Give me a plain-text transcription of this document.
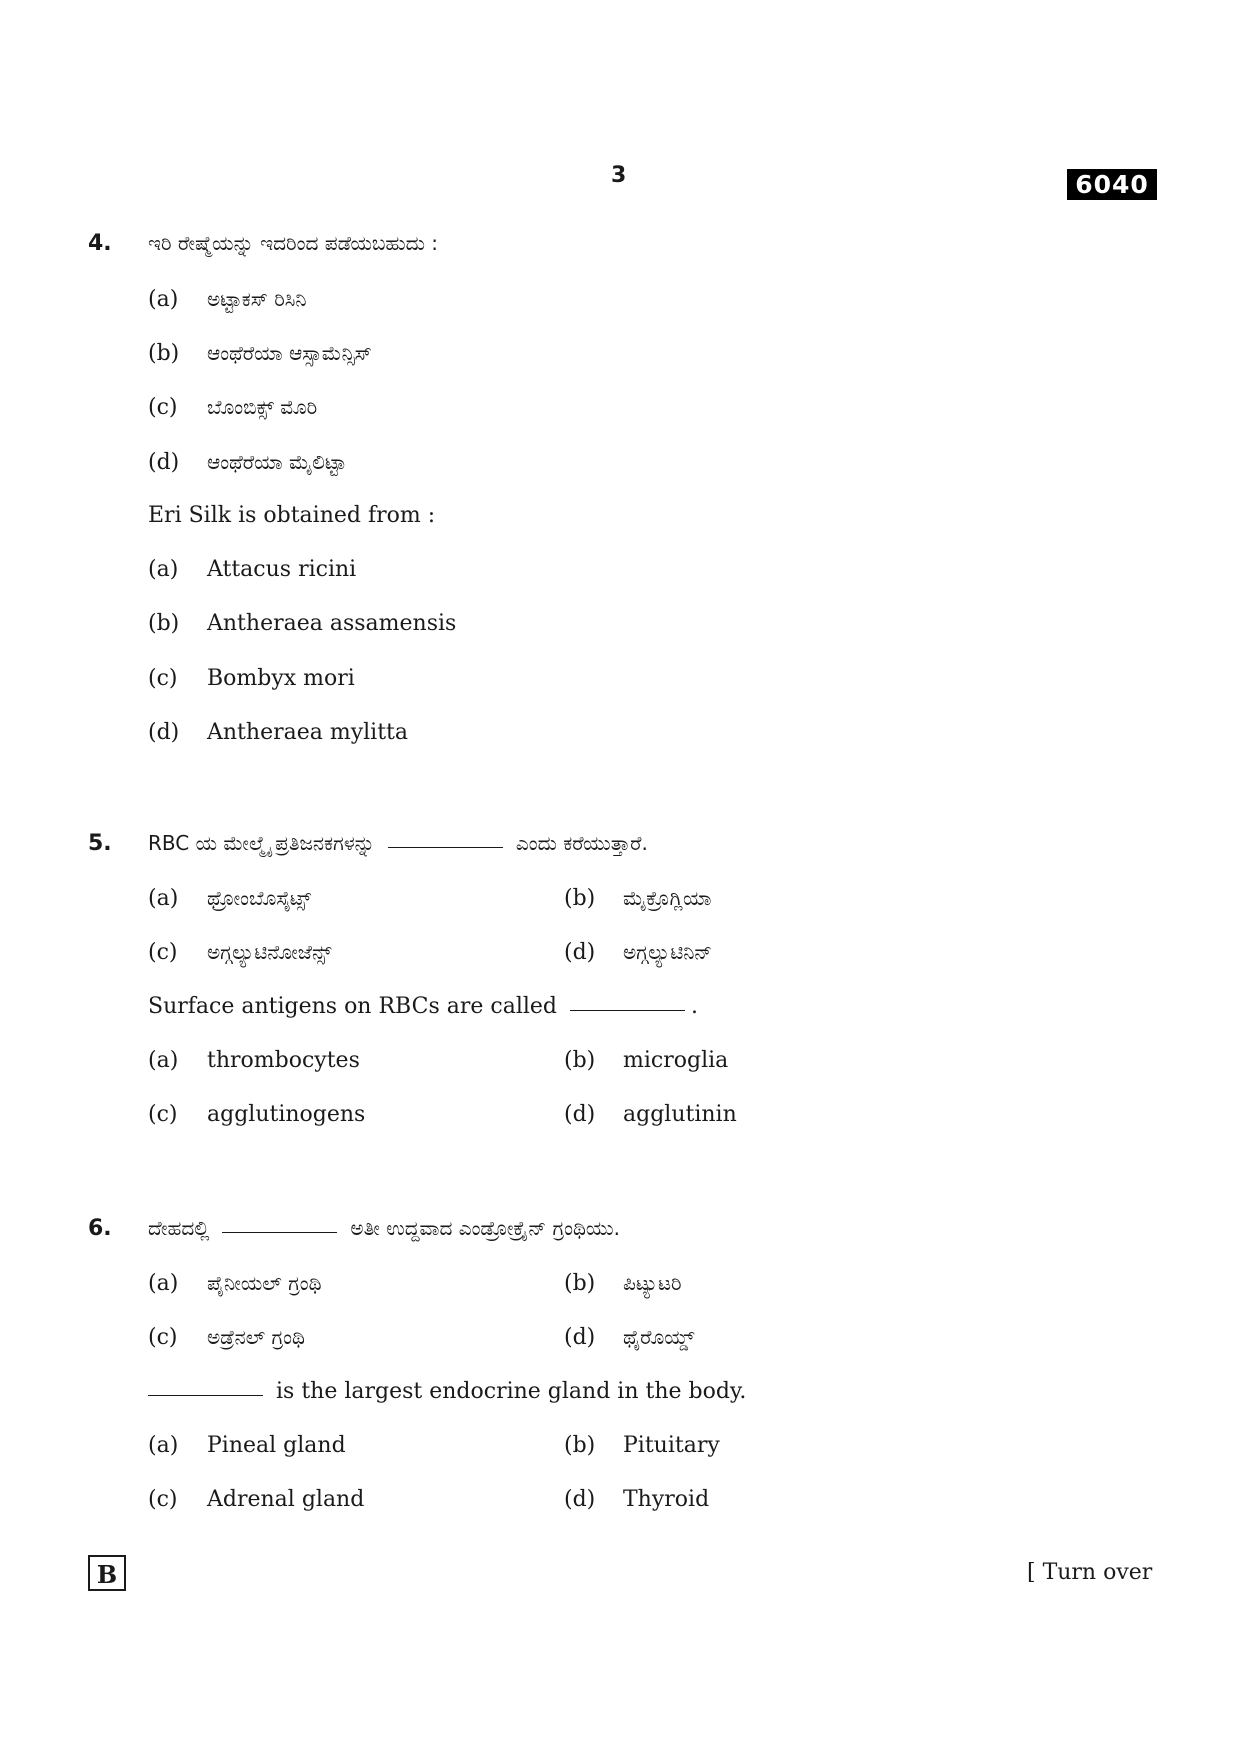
3	6040
4. ಇರಿ ರೇಷ್ಮೆಯನ್ನು ಇದರಿಂದ ಪಡೆಯಬಹುದು :
(a) ಅಟ್ಟಾಕಸ್ ರಿಸಿನಿ
(b) ಆಂಥೆರೆಯಾ ಆಸ್ಸಾಮೆನ್ಸಿಸ್
(c) ಬೊಂಬಿಕ್ಸ್ ಮೊರಿ
(d) ಆಂಥೆರೆಯಾ ಮೈಲಿಟ್ಟಾ
Eri Silk is obtained from :
(a) Attacus ricini
(b) Antheraea assamensis
(c) Bombyx mori
(d) Antheraea mylitta
5. RBC ಯ ಮೇಲ್ಮೈ ಪ್ರತಿಜನಕಗಳನ್ನು	ಎಂದು ಕರೆಯುತ್ತಾರೆ.
(a) ಥ್ರೋಂಬೊಸೈಟ್ಸ್	(b) ಮೈಕ್ರೊಗ್ಲಿಯಾ
(c) ಅಗ್ಗಲ್ಯುಟಿನೋಜೆನ್ಸ್	(d) ಅಗ್ಗಲ್ಯುಟಿನಿನ್
Surface antigens on RBCs are called	.
(a) thrombocytes	(b) microglia
(c) agglutinogens	(d) agglutinin
6. ದೇಹದಲ್ಲಿ	ಅತೀ ಉದ್ದವಾದ ಎಂಡ್ರೋಕ್ರೈನ್ ಗ್ರಂಥಿಯು.
(a) ಪೈನೀಯಲ್ ಗ್ರಂಥಿ	(b) ಪಿಟ್ಯುಟರಿ
(c) ಅಡ್ರೆನಲ್ ಗ್ರಂಥಿ	(d) ಥೈರೊಯ್ಡ್
is the largest endocrine gland in the body.
(a) Pineal gland	(b) Pituitary
(c) Adrenal gland	(d) Thyroid
B	[ Turn over
